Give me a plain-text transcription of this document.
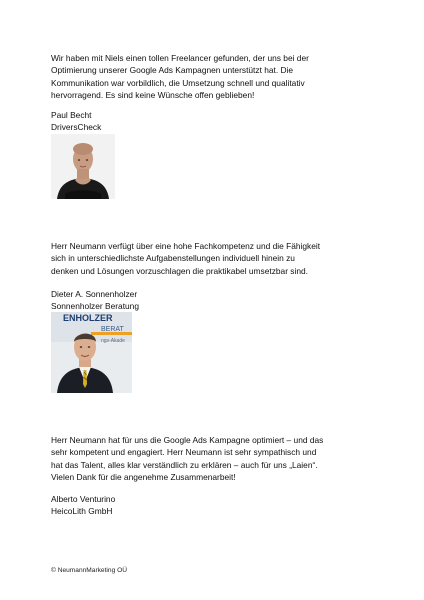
Wir haben mit Niels einen tollen Freelancer gefunden, der uns bei der
Optimierung unserer Google Ads Kampagnen unterstützt hat. Die
Kommunikation war vorbildlich, die Umsetzung schnell und qualitativ
hervorragend. Es sind keine Wünsche offen geblieben!

Paul Becht

DriversCheck

Herr Neumann verfügt über eine hohe Fachkompetenz und die Fähigkeit
sich in unterschiedlichste Aufgabenstellungen individuell hinein zu
denken und Lösungen vorzuschlagen die praktikabel umsetzbar sind.

Dieter A. Sonnenholzer

Sonnenholzer Beratung

ENHOLZER
BERAT
ngs-Akade

Herr Neumann hat für uns die Google Ads Kampagne optimiert – und das
sehr kompetent und engagiert. Herr Neumann ist sehr sympathisch und
hat das Talent, alles klar verständlich zu erklären – auch für uns „Laien“.
Vielen Dank für die angenehme Zusammenarbeit!

Alberto Venturino

HeicoLith GmbH

© NeumannMarketing OÜ
